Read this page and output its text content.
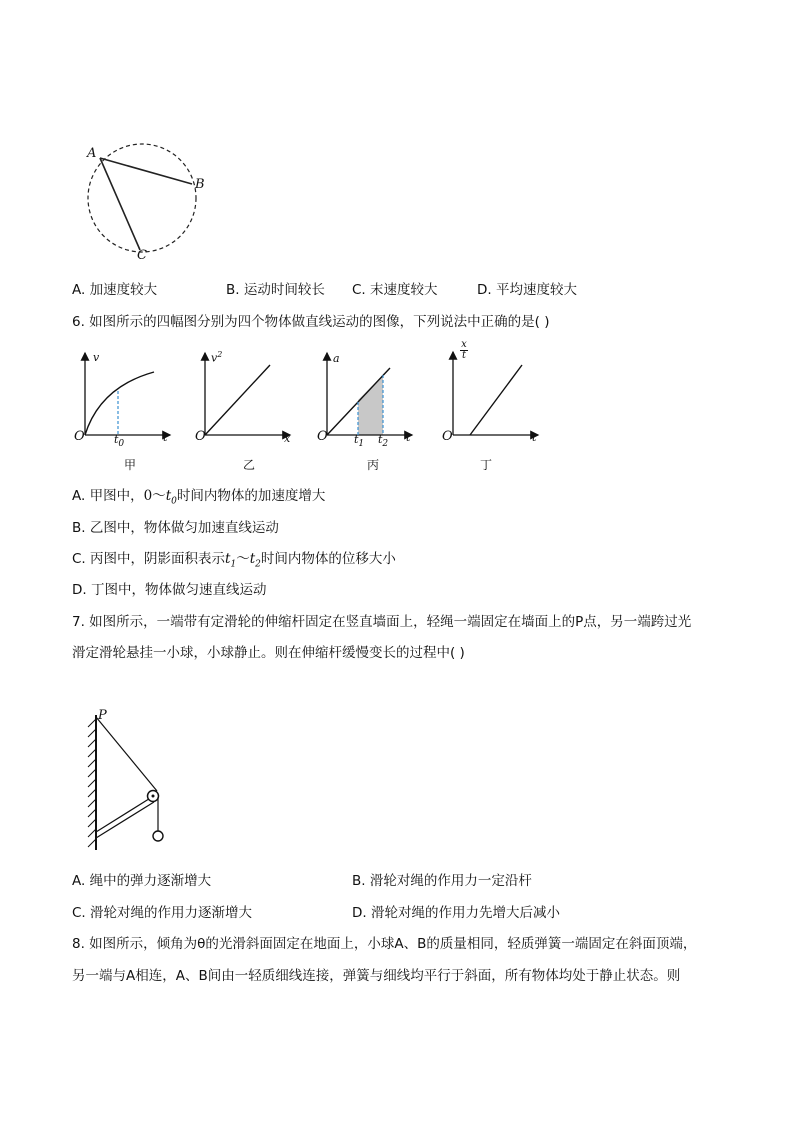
A
B
C
A. 加速度较大	B. 运动时间较长 C. 末速度较大	D. 平均速度较大
6. 如图所示的四幅图分别为四个物体做直线运动的图像，下列说法中正确的是( )
v
O	t
$t_0$
甲
$v^2$
O	x
乙
a
O	t
$t_1$ $t_2$
丙
x

t
O	t
丁
A. 甲图中，$0\sim t_0$时间内物体的加速度增大
B. 乙图中，物体做匀加速直线运动
C. 丙图中，阴影面积表示$t_1\sim t_2$时间内物体的位移大小
D. 丁图中，物体做匀速直线运动
7. 如图所示，一端带有定滑轮的伸缩杆固定在竖直墙面上，轻绳一端固定在墙面上的P点，另一端跨过光
滑定滑轮悬挂一小球，小球静止。则在伸缩杆缓慢变长的过程中( )
P
A. 绳中的弹力逐渐增大	B. 滑轮对绳的作用力一定沿杆
C. 滑轮对绳的作用力逐渐增大	D. 滑轮对绳的作用力先增大后减小
8. 如图所示，倾角为θ的光滑斜面固定在地面上，小球A、B的质量相同，轻质弹簧一端固定在斜面顶端，
另一端与A相连，A、B间由一轻质细线连接，弹簧与细线均平行于斜面，所有物体均处于静止状态。则
